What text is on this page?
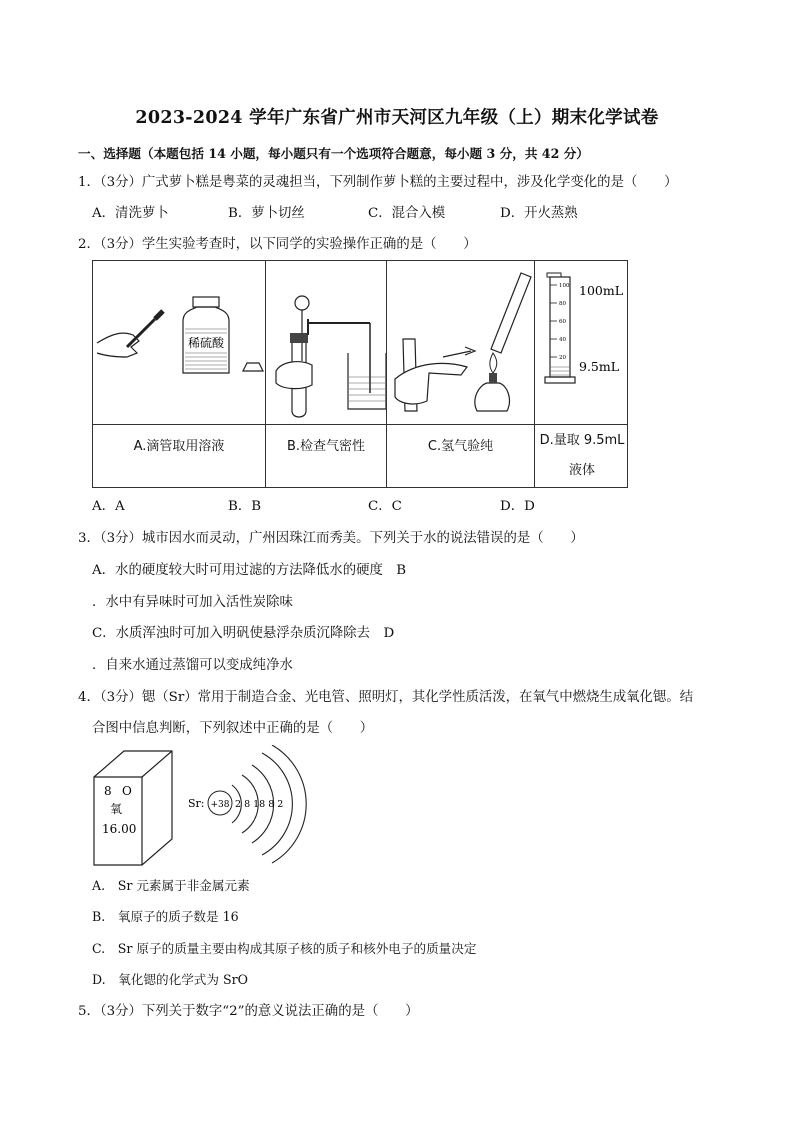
2023-2024 学年广东省广州市天河区九年级（上）期末化学试卷
一、选择题（本题包括 14 小题，每小题只有一个选项符合题意，每小题 3 分，共 42 分）
1．（3分）广式萝卜糕是粤菜的灵魂担当，下列制作萝卜糕的主要过程中，涉及化学变化的是（　　）
A．清洗萝卜	B．萝卜切丝	C．混合入模	D．开火蒸熟
2．（3分）学生实验考查时，以下同学的实验操作正确的是（　　）
稀硫酸
100
80
60
40
20
100mL
9.5mL
A.滴管取用溶液	B.检查气密性	C.氢气验纯	D.量取 9.5mL
液体
A．A	B．B	C．C	D．D
3．（3分）城市因水而灵动，广州因珠江而秀美。下列关于水的说法错误的是（　　）
A．水的硬度较大时可用过滤的方法降低水的硬度　B
．水中有异味时可加入活性炭除味
C．水质浑浊时可加入明矾使悬浮杂质沉降除去　D
．自来水通过蒸馏可以变成纯净水
4．（3分）锶（Sr）常用于制造合金、光电管、照明灯，其化学性质活泼，在氧气中燃烧生成氧化锶。结
合图中信息判断，下列叙述中正确的是（　　）
8 O
氧
16.00
Sr: +38 2 8 18 8 2
A.　Sr 元素属于非金属元素
B.　氧原子的质子数是 16
C.　Sr 原子的质量主要由构成其原子核的质子和核外电子的质量决定
D.　氧化锶的化学式为 SrO
5．（3分）下列关于数字“2”的意义说法正确的是（　　）
